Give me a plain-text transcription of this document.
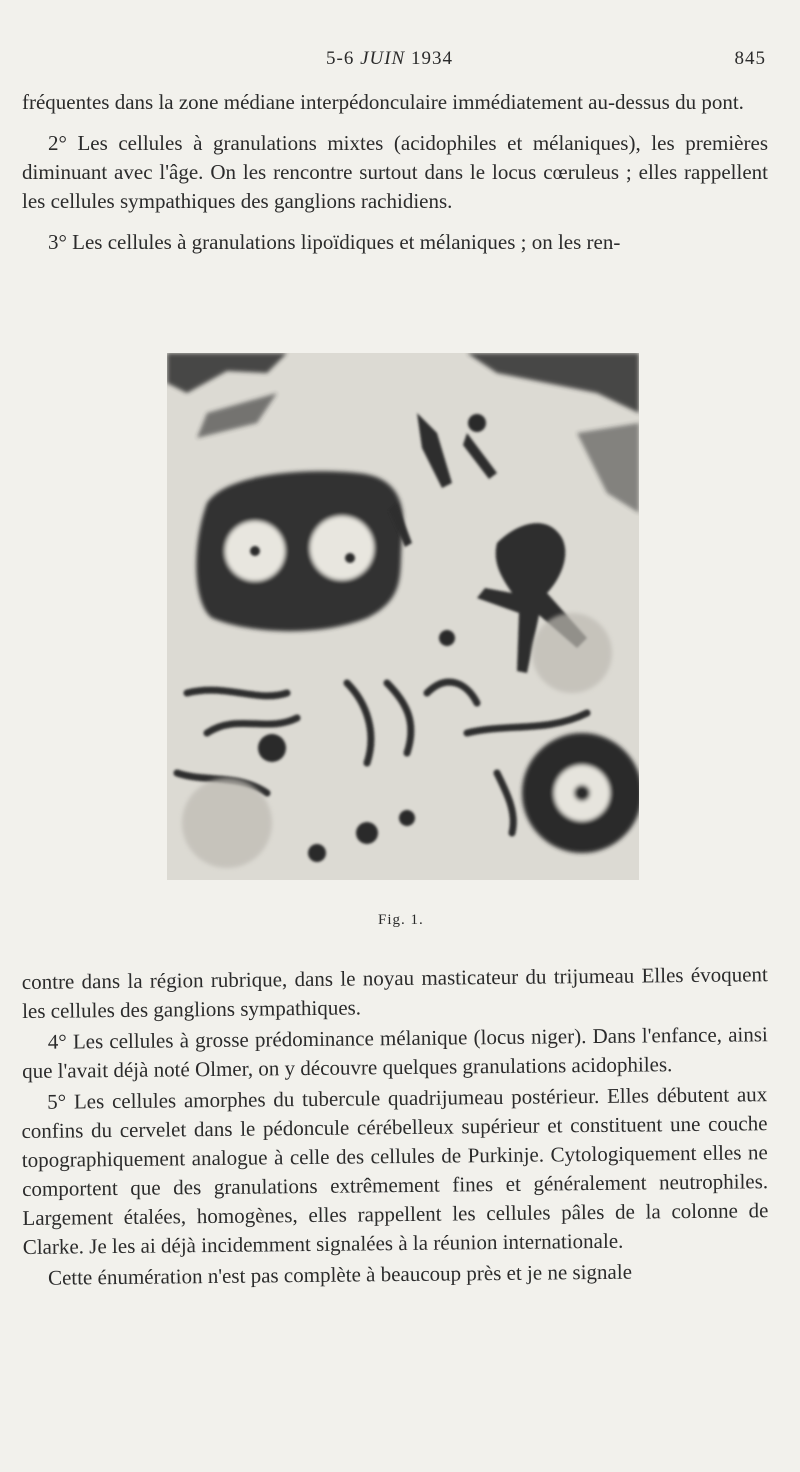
5-6 JUIN 1934	845

fréquentes dans la zone médiane interpédonculaire immédiatement au-dessus du pont.

2° Les cellules à granulations mixtes (acidophiles et mélaniques), les premières diminuant avec l'âge. On les rencontre surtout dans le locus cœruleus ; elles rappellent les cellules sympathiques des ganglions rachidiens.

3° Les cellules à granulations lipoïdiques et mélaniques ; on les ren-

Fig. 1.

contre dans la région rubrique, dans le noyau masticateur du trijumeau Elles évoquent les cellules des ganglions sympathiques.

4° Les cellules à grosse prédominance mélanique (locus niger). Dans l'enfance, ainsi que l'avait déjà noté Olmer, on y découvre quelques granulations acidophiles.

5° Les cellules amorphes du tubercule quadrijumeau postérieur. Elles débutent aux confins du cervelet dans le pédoncule cérébelleux supérieur et constituent une couche topographiquement analogue à celle des cellules de Purkinje. Cytologiquement elles ne comportent que des granulations extrêmement fines et généralement neutrophiles. Largement étalées, homogènes, elles rappellent les cellules pâles de la colonne de Clarke. Je les ai déjà incidemment signalées à la réunion internationale.

Cette énumération n'est pas complète à beaucoup près et je ne signale
